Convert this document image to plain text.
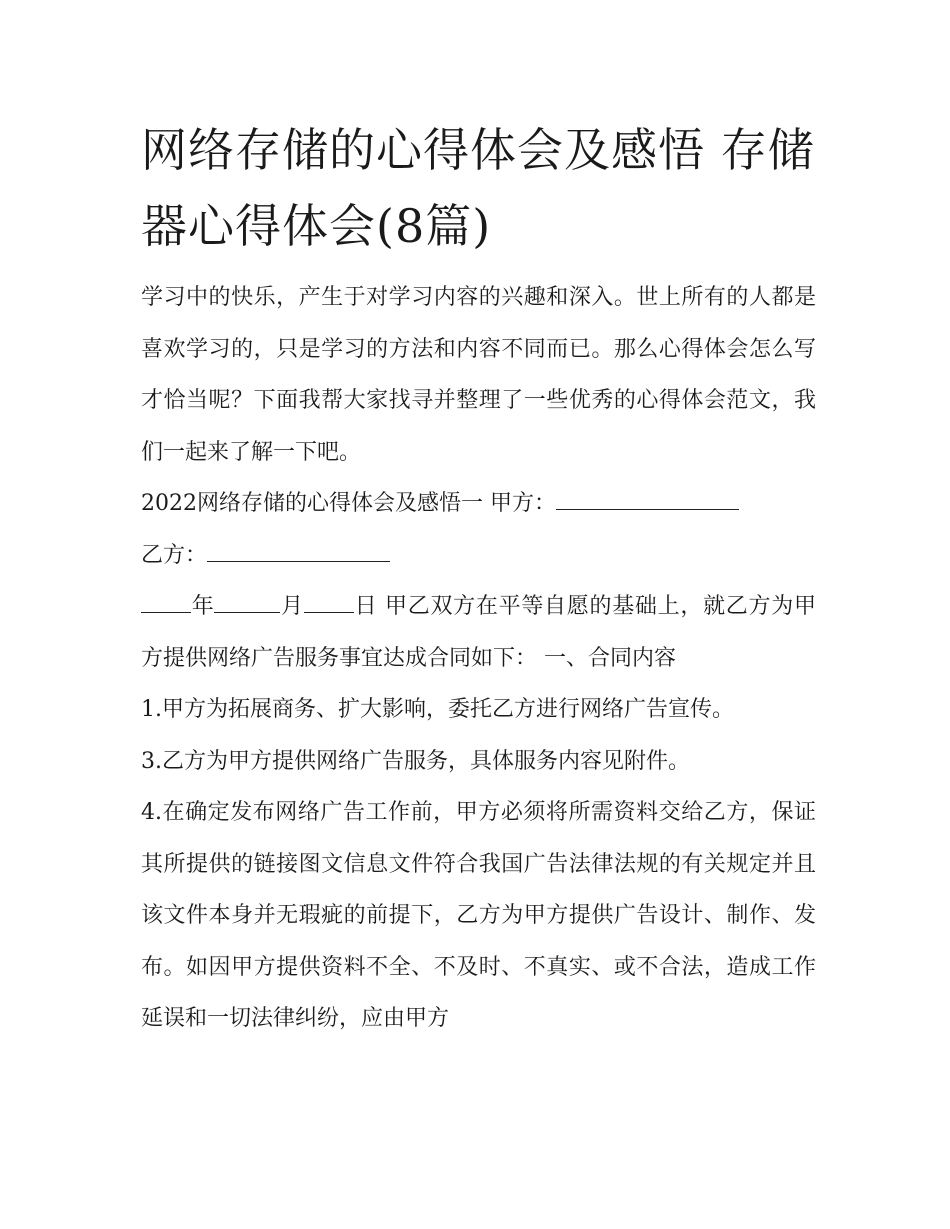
网络存储的心得体会及感悟 存储器心得体会(8篇)

学习中的快乐，产生于对学习内容的兴趣和深入。世上所有的人都是喜欢学习的，只是学习的方法和内容不同而已。那么心得体会怎么写才恰当呢？下面我帮大家找寻并整理了一些优秀的心得体会范文，我们一起来了解一下吧。

2022网络存储的心得体会及感悟一 甲方：

乙方：

年	月 日 甲乙双方在平等自愿的基础上，就乙方为甲方提供网络广告服务事宜达成合同如下： 一、合同内容

1.甲方为拓展商务、扩大影响，委托乙方进行网络广告宣传。

3.乙方为甲方提供网络广告服务，具体服务内容见附件。

4.在确定发布网络广告工作前，甲方必须将所需资料交给乙方，保证其所提供的链接图文信息文件符合我国广告法律法规的有关规定并且该文件本身并无瑕疵的前提下，乙方为甲方提供广告设计、制作、发布。如因甲方提供资料不全、不及时、不真实、或不合法，造成工作延误和一切法律纠纷，应由甲方
